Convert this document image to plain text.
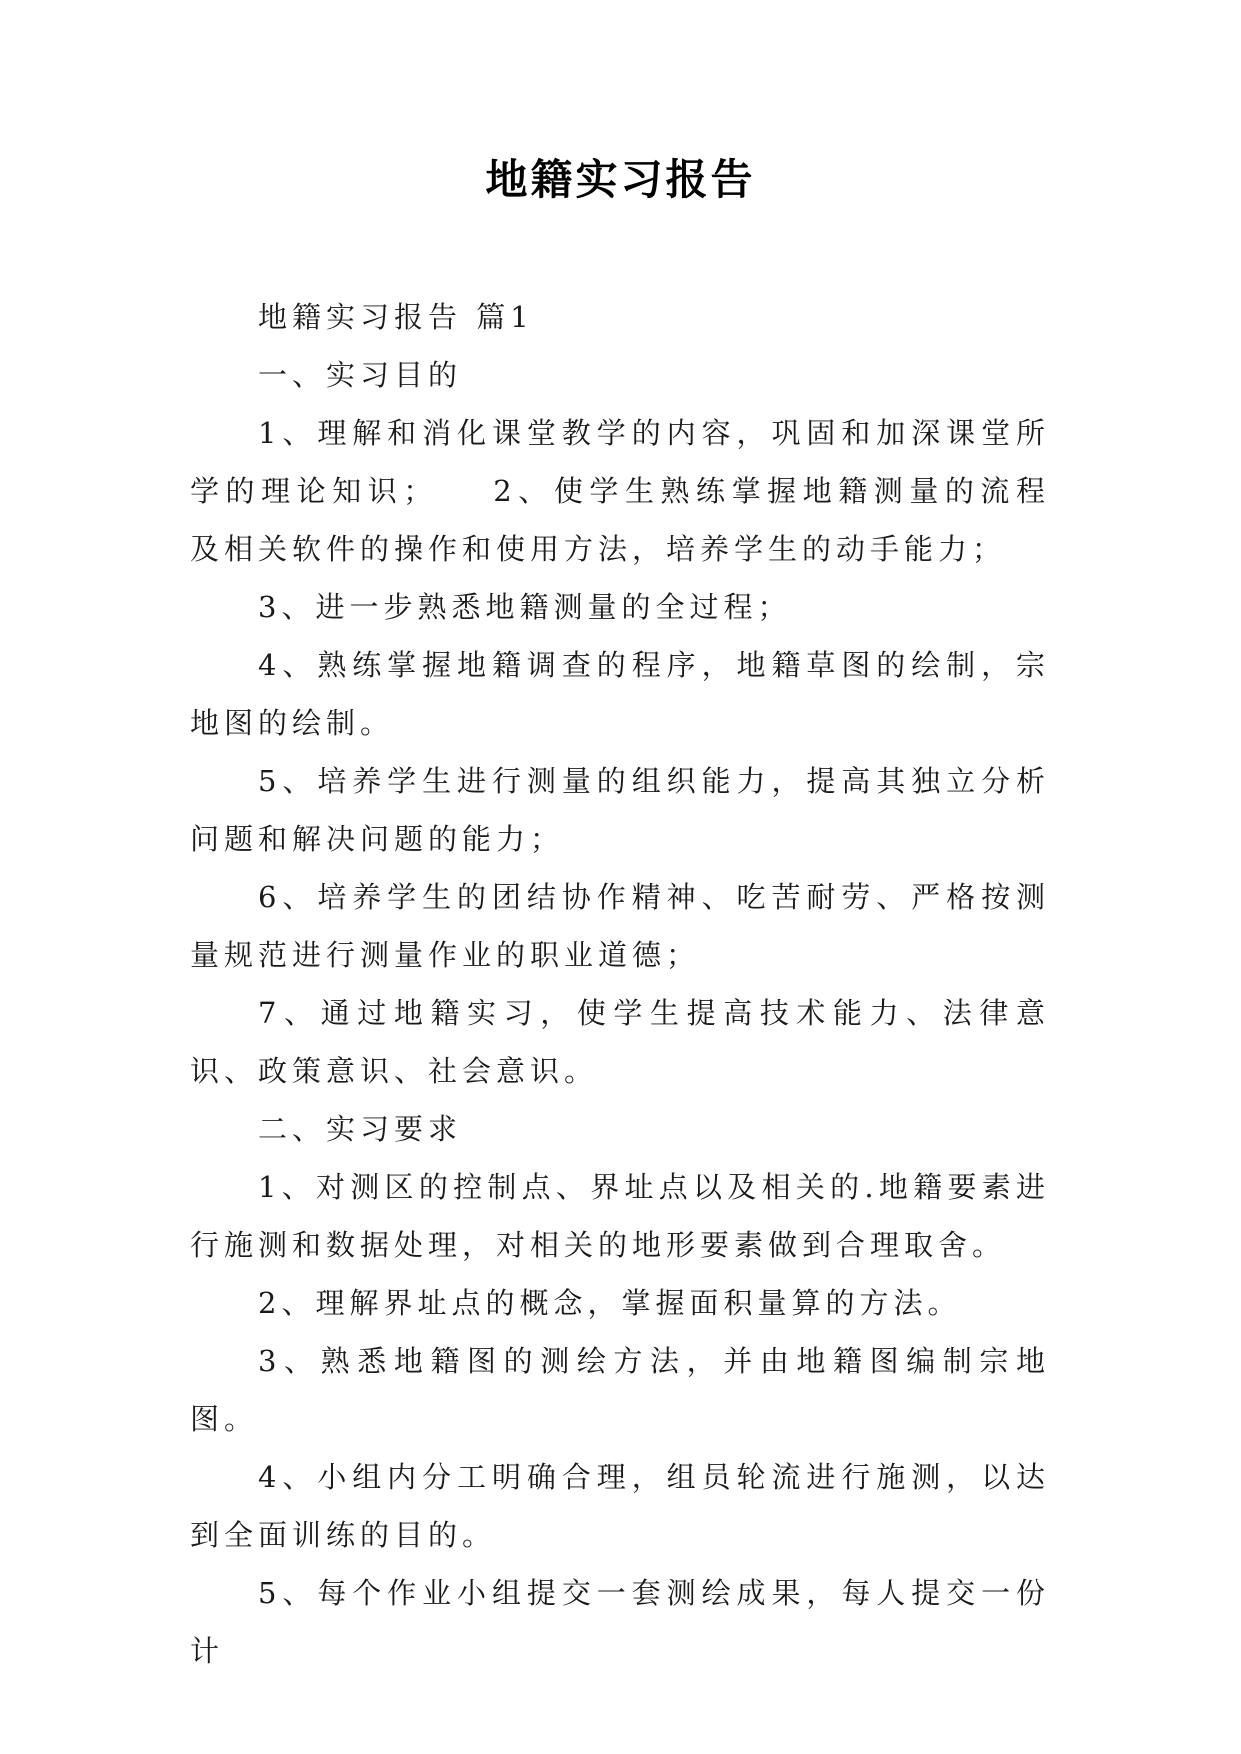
地籍实习报告

地籍实习报告 篇1

一、实习目的

1、理解和消化课堂教学的内容，巩固和加深课堂所学的理论知识； 2、使学生熟练掌握地籍测量的流程及相关软件的操作和使用方法，培养学生的动手能力；

3、进一步熟悉地籍测量的全过程；

4、熟练掌握地籍调查的程序，地籍草图的绘制，宗地图的绘制。

5、培养学生进行测量的组织能力，提高其独立分析问题和解决问题的能力；

6、培养学生的团结协作精神、吃苦耐劳、严格按测量规范进行测量作业的职业道德；

7、通过地籍实习，使学生提高技术能力、法律意识、政策意识、社会意识。

二、实习要求

1、对测区的控制点、界址点以及相关的.地籍要素进行施测和数据处理，对相关的地形要素做到合理取舍。

2、理解界址点的概念，掌握面积量算的方法。

3、熟悉地籍图的测绘方法，并由地籍图编制宗地图。

4、小组内分工明确合理，组员轮流进行施测，以达到全面训练的目的。

5、每个作业小组提交一套测绘成果，每人提交一份计
